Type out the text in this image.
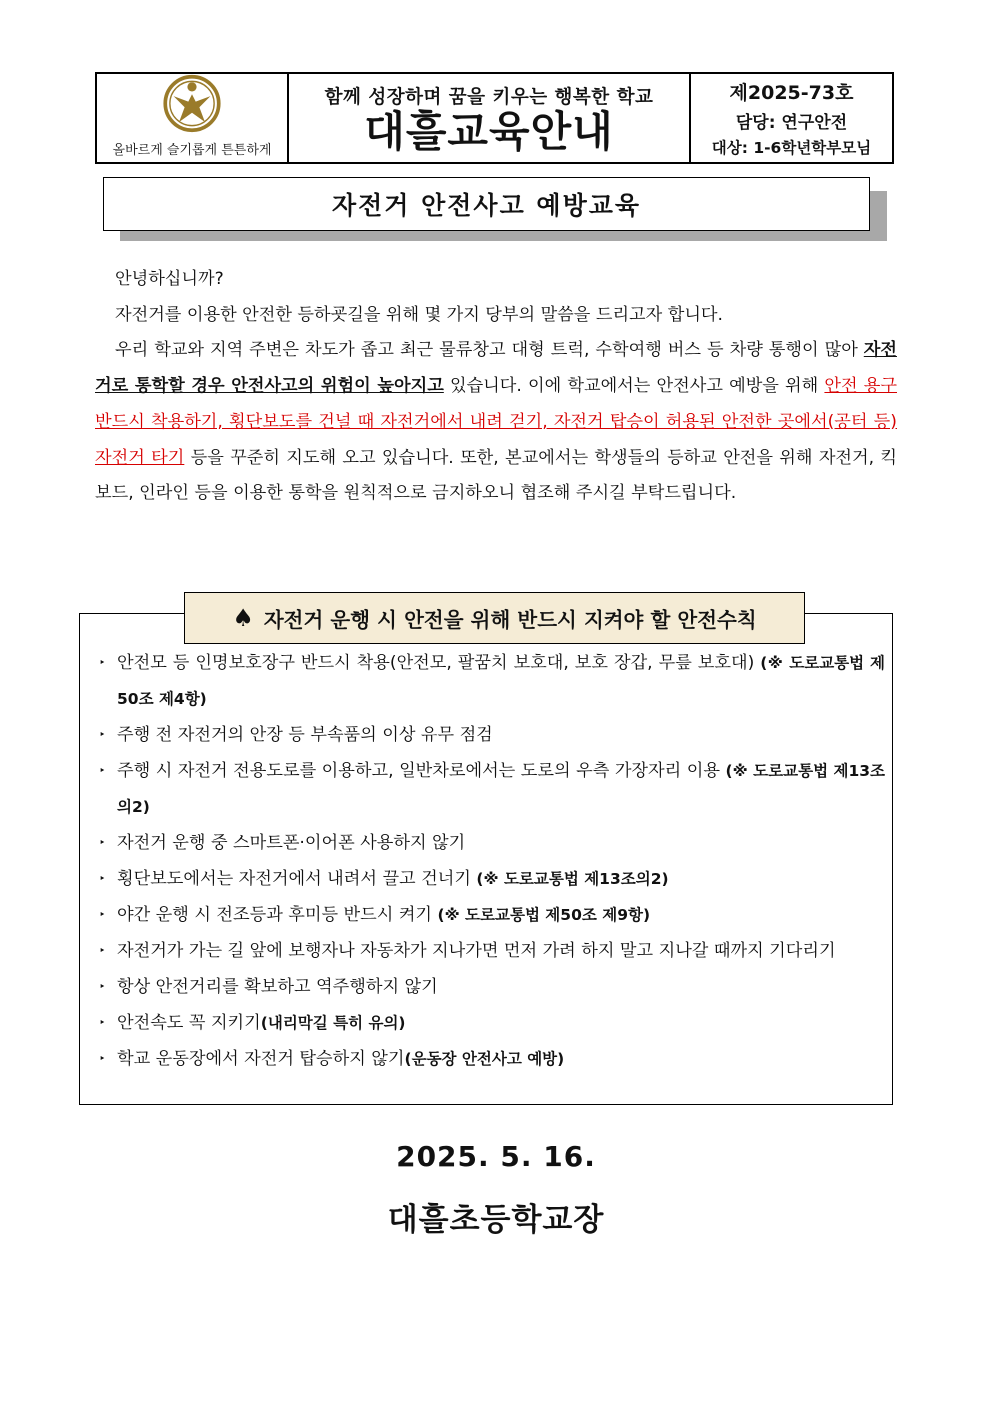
올바르게 슬기롭게 튼튼하게
함께 성장하며 꿈을 키우는 행복한 학교
대흘교육안내
제2025-73호
담당: 연구안전
대상: 1-6학년학부모님
자전거 안전사고 예방교육

안녕하십니까?

자전거를 이용한 안전한 등하굣길을 위해 몇 가지 당부의 말씀을 드리고자 합니다.

우리 학교와 지역 주변은 차도가 좁고 최근 물류창고 대형 트럭, 수학여행 버스 등 차량 통행이 많아 자전거로 통학할 경우 안전사고의 위험이 높아지고 있습니다. 이에 학교에서는 안전사고 예방을 위해 안전 용구 반드시 착용하기, 횡단보도를 건널 때 자전거에서 내려 걷기, 자전거 탑승이 허용된 안전한 곳에서(공터 등) 자전거 타기 등을 꾸준히 지도해 오고 있습니다. 또한, 본교에서는 학생들의 등하교 안전을 위해 자전거, 킥보드, 인라인 등을 이용한 통학을 원칙적으로 금지하오니 협조해 주시길 부탁드립니다.

♠ 자전거 운행 시 안전을 위해 반드시 지켜야 할 안전수칙
‣ 안전모 등 인명보호장구 반드시 착용(안전모, 팔꿈치 보호대, 보호 장갑, 무릎 보호대) (※ 도로교통법 제50조 제4항)
‣ 주행 전 자전거의 안장 등 부속품의 이상 유무 점검
‣ 주행 시 자전거 전용도로를 이용하고, 일반차로에서는 도로의 우측 가장자리 이용 (※ 도로교통법 제13조의2)
‣ 자전거 운행 중 스마트폰·이어폰 사용하지 않기
‣ 횡단보도에서는 자전거에서 내려서 끌고 건너기 (※ 도로교통법 제13조의2)
‣ 야간 운행 시 전조등과 후미등 반드시 켜기 (※ 도로교통법 제50조 제9항)
‣ 자전거가 가는 길 앞에 보행자나 자동차가 지나가면 먼저 가려 하지 말고 지나갈 때까지 기다리기
‣ 항상 안전거리를 확보하고 역주행하지 않기
‣ 안전속도 꼭 지키기(내리막길 특히 유의)
‣ 학교 운동장에서 자전거 탑승하지 않기(운동장 안전사고 예방)
2025. 5. 16.
대흘초등학교장
